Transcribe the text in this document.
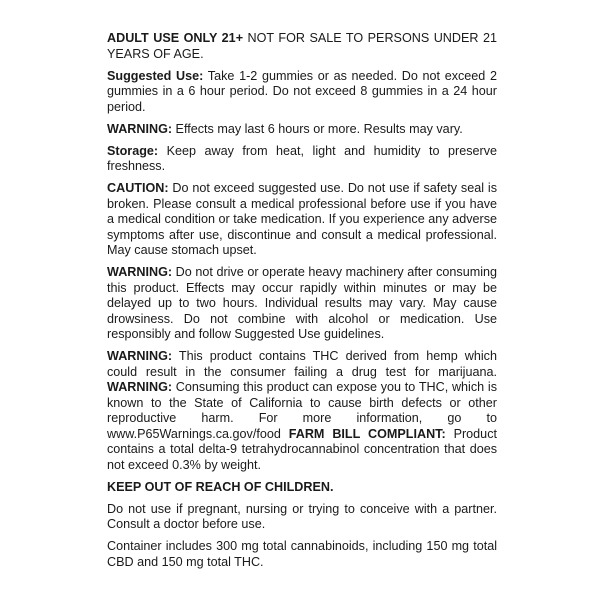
ADULT USE ONLY 21+ NOT FOR SALE TO PERSONS UNDER 21 YEARS OF AGE.

Suggested Use: Take 1-2 gummies or as needed. Do not exceed 2 gummies in a 6 hour period. Do not exceed 8 gummies in a 24 hour period.

WARNING: Effects may last 6 hours or more. Results may vary.

Storage: Keep away from heat, light and humidity to preserve freshness.

CAUTION: Do not exceed suggested use. Do not use if safety seal is broken. Please consult a medical professional before use if you have a medical condition or take medication. If you experience any adverse symptoms after use, discontinue and consult a medical professional. May cause stomach upset.

WARNING: Do not drive or operate heavy machinery after consuming this product. Effects may occur rapidly within minutes or may be delayed up to two hours. Individual results may vary. May cause drowsiness. Do not combine with alcohol or medication. Use responsibly and follow Suggested Use guidelines.

WARNING: This product contains THC derived from hemp which could result in the consumer failing a drug test for marijuana. WARNING: Consuming this product can expose you to THC, which is known to the State of California to cause birth defects or other reproductive harm. For more information, go to www.P65Warnings.ca.gov/food FARM BILL COMPLIANT: Product contains a total delta-9 tetrahydrocannabinol concentration that does not exceed 0.3% by weight.

KEEP OUT OF REACH OF CHILDREN.

Do not use if pregnant, nursing or trying to conceive with a partner. Consult a doctor before use.

Container includes 300 mg total cannabinoids, including 150 mg total CBD and 150 mg total THC.
